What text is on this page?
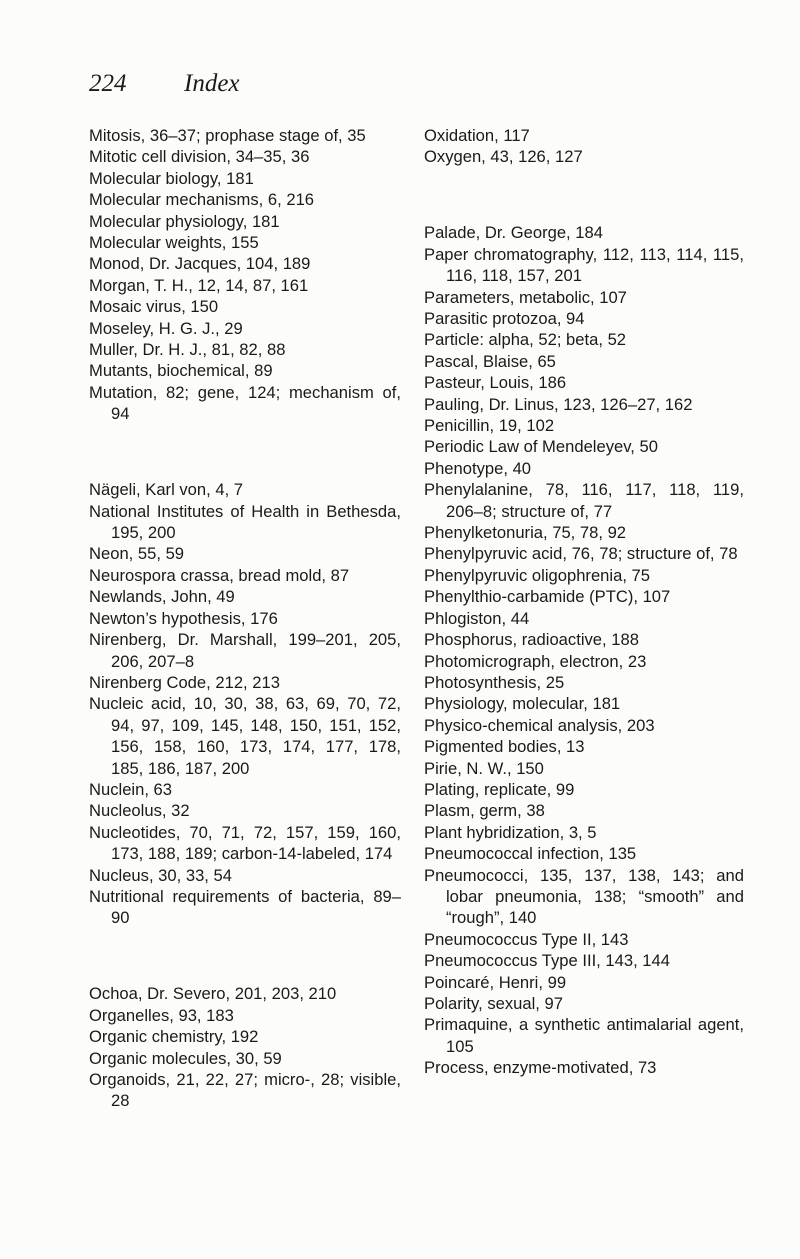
224 Index

Mitosis, 36–37; prophase stage of, 35

Mitotic cell division, 34–35, 36

Molecular biology, 181

Molecular mechanisms, 6, 216

Molecular physiology, 181

Molecular weights, 155

Monod, Dr. Jacques, 104, 189

Morgan, T. H., 12, 14, 87, 161

Mosaic virus, 150

Moseley, H. G. J., 29

Muller, Dr. H. J., 81, 82, 88

Mutants, biochemical, 89

Mutation, 82; gene, 124; mechanism of, 94

Nägeli, Karl von, 4, 7

National Institutes of Health in Bethesda, 195, 200

Neon, 55, 59

Neurospora crassa, bread mold, 87

Newlands, John, 49

Newton’s hypothesis, 176

Nirenberg, Dr. Marshall, 199–201, 205, 206, 207–8

Nirenberg Code, 212, 213

Nucleic acid, 10, 30, 38, 63, 69, 70, 72, 94, 97, 109, 145, 148, 150, 151, 152, 156, 158, 160, 173, 174, 177, 178, 185, 186, 187, 200

Nuclein, 63

Nucleolus, 32

Nucleotides, 70, 71, 72, 157, 159, 160, 173, 188, 189; carbon-14-labeled, 174

Nucleus, 30, 33, 54

Nutritional requirements of bacteria, 89–90

Ochoa, Dr. Severo, 201, 203, 210

Organelles, 93, 183

Organic chemistry, 192

Organic molecules, 30, 59

Organoids, 21, 22, 27; micro-, 28; visible, 28

Oxidation, 117

Oxygen, 43, 126, 127

Palade, Dr. George, 184

Paper chromatography, 112, 113, 114, 115, 116, 118, 157, 201

Parameters, metabolic, 107

Parasitic protozoa, 94

Particle: alpha, 52; beta, 52

Pascal, Blaise, 65

Pasteur, Louis, 186

Pauling, Dr. Linus, 123, 126–27, 162

Penicillin, 19, 102

Periodic Law of Mendeleyev, 50

Phenotype, 40

Phenylalanine, 78, 116, 117, 118, 119, 206–8; structure of, 77

Phenylketonuria, 75, 78, 92

Phenylpyruvic acid, 76, 78; structure of, 78

Phenylpyruvic oligophrenia, 75

Phenylthio-carbamide (PTC), 107

Phlogiston, 44

Phosphorus, radioactive, 188

Photomicrograph, electron, 23

Photosynthesis, 25

Physiology, molecular, 181

Physico-chemical analysis, 203

Pigmented bodies, 13

Pirie, N. W., 150

Plating, replicate, 99

Plasm, germ, 38

Plant hybridization, 3, 5

Pneumococcal infection, 135

Pneumococci, 135, 137, 138, 143; and lobar pneumonia, 138; “smooth” and “rough”, 140

Pneumococcus Type II, 143

Pneumococcus Type III, 143, 144

Poincaré, Henri, 99

Polarity, sexual, 97

Primaquine, a synthetic antimalarial agent, 105

Process, enzyme-motivated, 73
